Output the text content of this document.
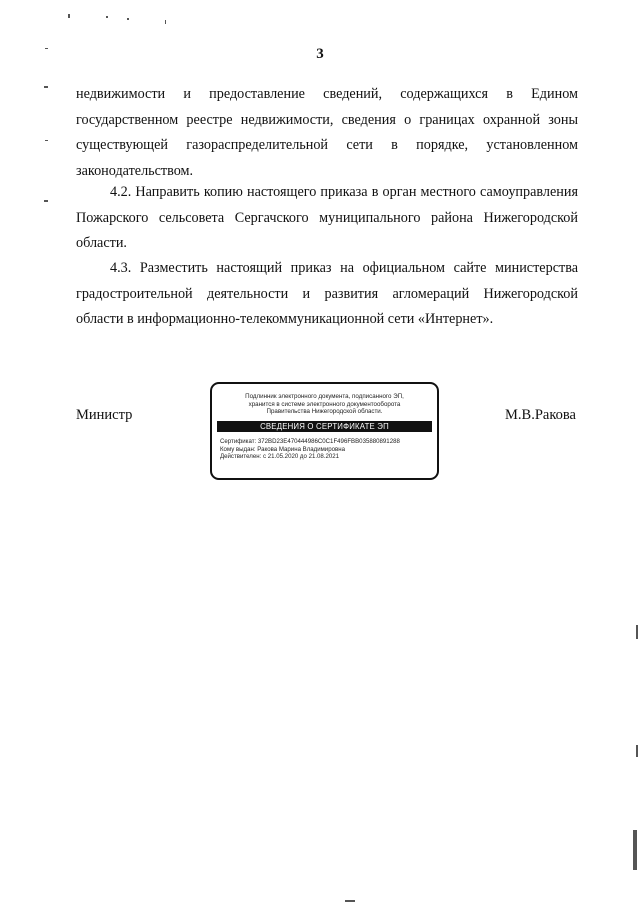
3
недвижимости и предоставление сведений, содержащихся в Едином
государственном реестре недвижимости, сведения о границах охранной зоны
существующей газораспределительной сети в порядке, установленном
законодательством.
4.2. Направить копию настоящего приказа в орган местного самоуправления
Пожарского сельсовета Сергачского муниципального района Нижегородской
области.
4.3. Разместить настоящий приказ на официальном сайте министерства
градостроительной деятельности и развития агломераций Нижегородской
области в информационно-телекоммуникационной сети «Интернет».
Министр	М.В.Ракова
Подлинник электронного документа, подписанного ЭП,
хранится в системе электронного документооборота
Правительства Нижегородской области.
СВЕДЕНИЯ О СЕРТИФИКАТЕ ЭП
Сертификат: 372BD23E470444986C0C1F496FBB035880891288
Кому выдан: Ракова Марина Владимировна
Действителен: с 21.05.2020 до 21.08.2021
